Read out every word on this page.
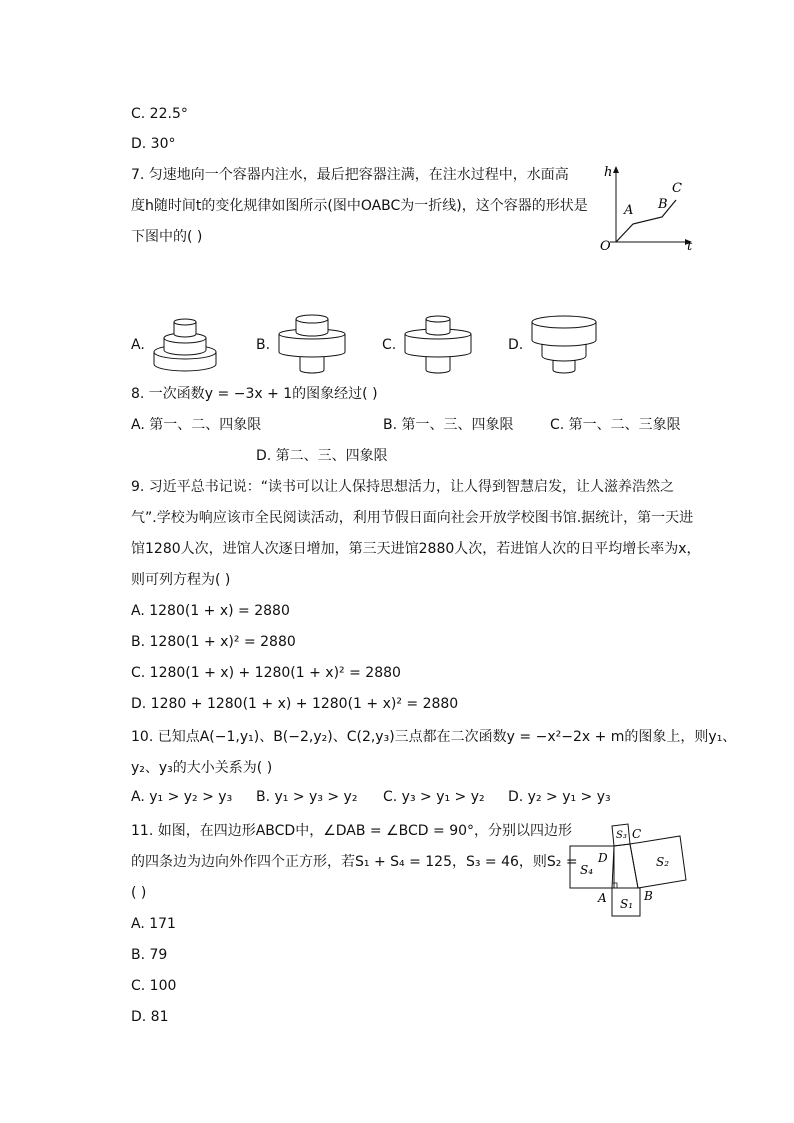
C. 22.5°
D. 30°
7. 匀速地向一个容器内注水，最后把容器注满，在注水过程中，水面高
度h随时间t的变化规律如图所示(图中OABC为一折线)，这个容器的形状是
下图中的( )
h
t
O
A B
C
A.	B.	C.	D.
8. 一次函数y = −3x + 1的图象经过( )
A. 第一、二、四象限	B. 第一、三、四象限	C. 第一、二、三象限
D. 第二、三、四象限
9. 习近平总书记说：“读书可以让人保持思想活力，让人得到智慧启发，让人滋养浩然之
气”.学校为响应该市全民阅读活动，利用节假日面向社会开放学校图书馆.据统计，第一天进
馆1280人次，进馆人次逐日增加，第三天进馆2880人次，若进馆人次的日平均增长率为x，
则可列方程为( )
A. 1280(1 + x) = 2880
B. 1280(1 + x)² = 2880
C. 1280(1 + x) + 1280(1 + x)² = 2880
D. 1280 + 1280(1 + x) + 1280(1 + x)² = 2880
10. 已知点A(−1,y₁)、B(−2,y₂)、C(2,y₃)三点都在二次函数y = −x²−2x + m的图象上，则y₁、
y₂、y₃的大小关系为( )
A. y₁ > y₂ > y₃ B. y₁ > y₃ > y₂ C. y₃ > y₁ > y₂ D. y₂ > y₁ > y₃
11. 如图，在四边形ABCD中，∠DAB = ∠BCD = 90°，分别以四边形
的四条边为边向外作四个正方形，若S₁ + S₄ = 125，S₃ = 46，则S₂ =
( )
S₄
S₃
S₂
S₁
D
C
A	B
A. 171
B. 79
C. 100
D. 81
